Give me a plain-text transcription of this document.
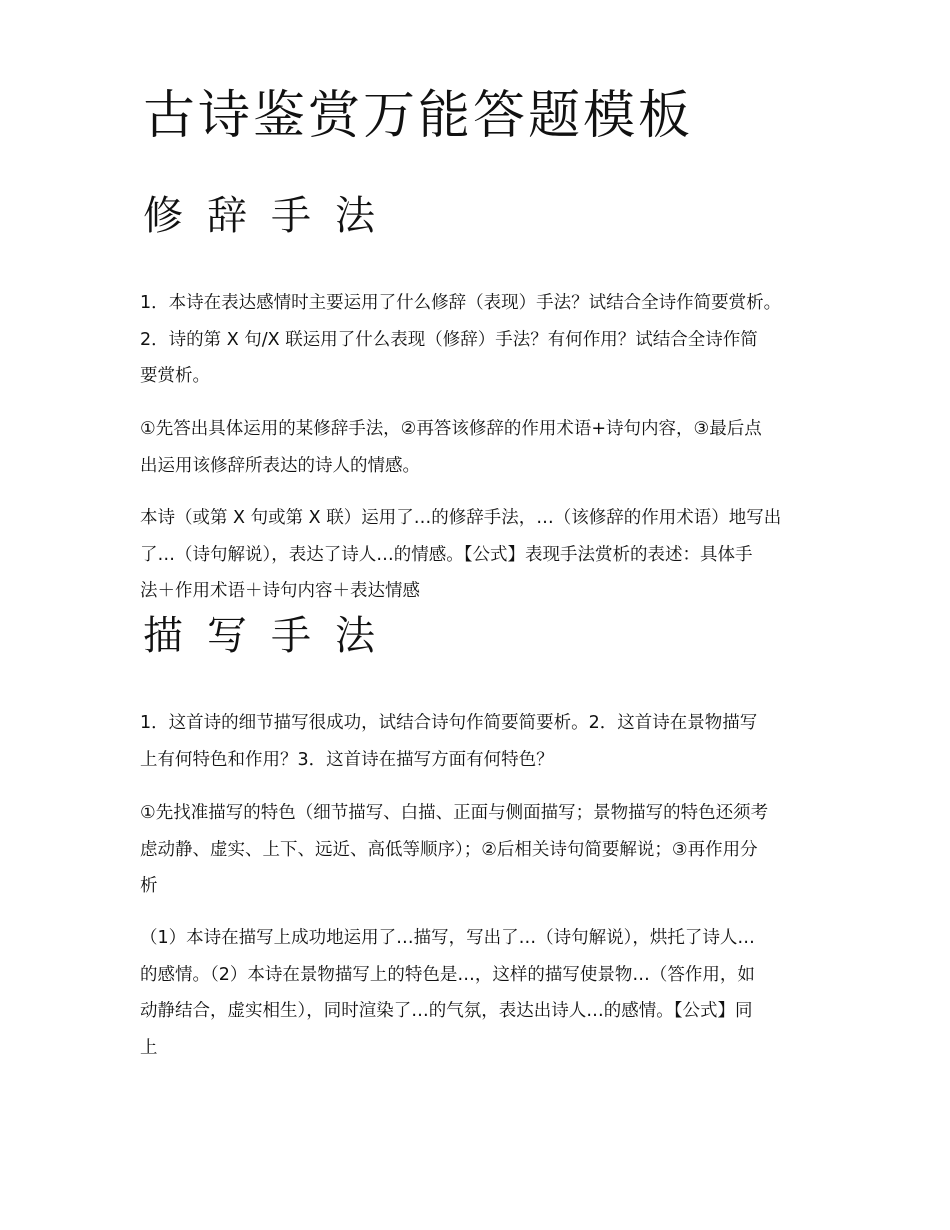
古诗鉴赏万能答题模板
修辞手法

1．本诗在表达感情时主要运用了什么修辞（表现）手法？试结合全诗作简要赏析。
2．诗的第 X 句/X 联运用了什么表现（修辞）手法？有何作用？试结合全诗作简
要赏析。

①先答出具体运用的某修辞手法，②再答该修辞的作用术语+诗句内容，③最后点
出运用该修辞所表达的诗人的情感。

本诗（或第 X 句或第 X 联）运用了…的修辞手法，…（该修辞的作用术语）地写出
了…（诗句解说），表达了诗人…的情感。【公式】表现手法赏析的表述：具体手
法＋作用术语＋诗句内容＋表达情感

描写手法

1．这首诗的细节描写很成功，试结合诗句作简要简要析。2．这首诗在景物描写
上有何特色和作用？3．这首诗在描写方面有何特色？

①先找准描写的特色（细节描写、白描、正面与侧面描写；景物描写的特色还须考
虑动静、虚实、上下、远近、高低等顺序）；②后相关诗句简要解说；③再作用分
析

（1）本诗在描写上成功地运用了…描写，写出了…（诗句解说），烘托了诗人…
的感情。（2）本诗在景物描写上的特色是…，这样的描写使景物…（答作用，如
动静结合，虚实相生），同时渲染了…的气氛，表达出诗人…的感情。【公式】同
上
